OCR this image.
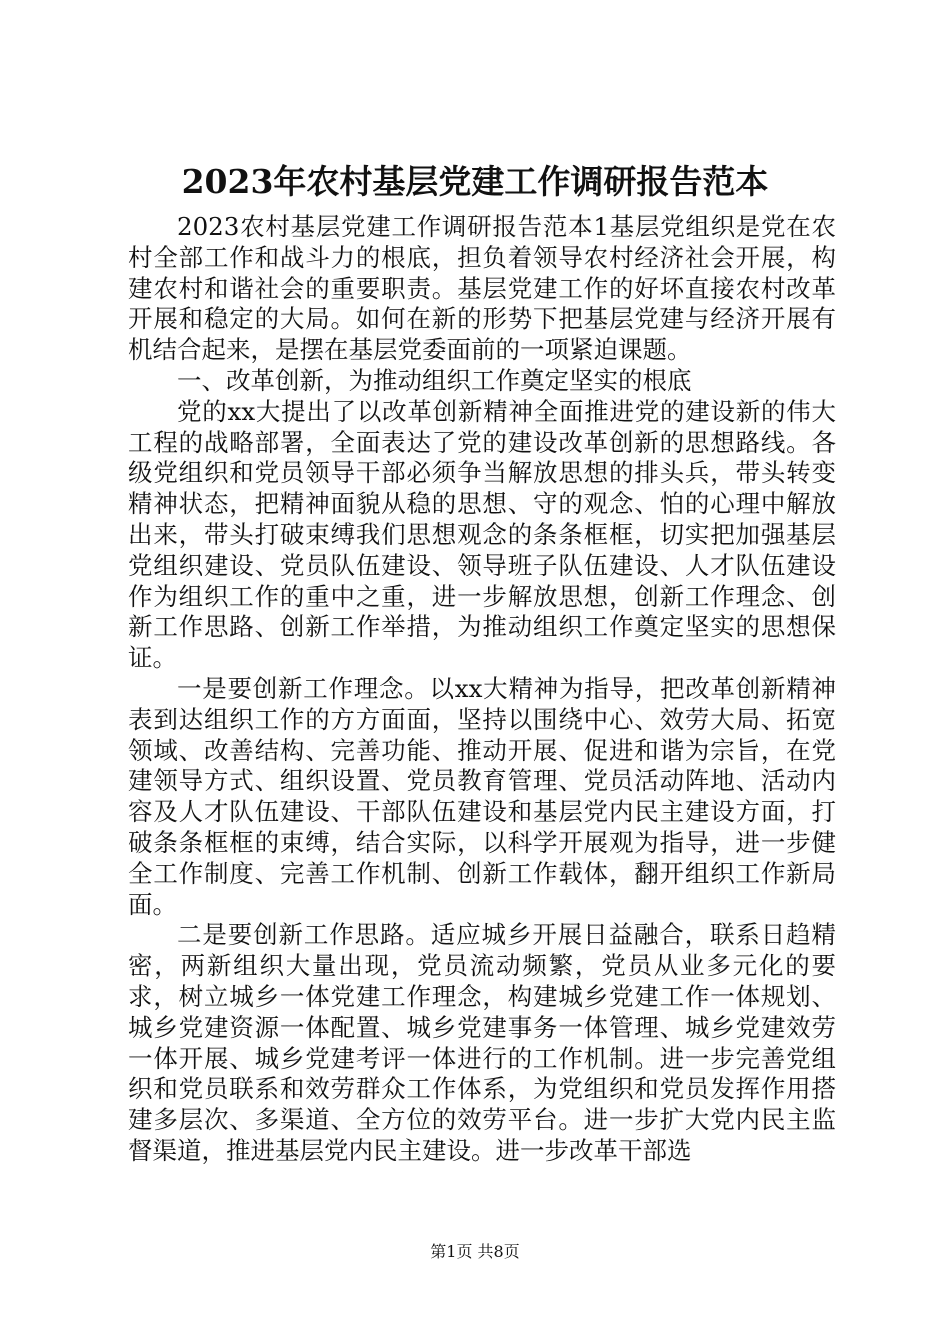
2023年农村基层党建工作调研报告范本

2023农村基层党建工作调研报告范本1基层党组织是党在农村全部工作和战斗力的根底，担负着领导农村经济社会开展，构建农村和谐社会的重要职责。基层党建工作的好坏直接农村改革开展和稳定的大局。如何在新的形势下把基层党建与经济开展有机结合起来，是摆在基层党委面前的一项紧迫课题。

一、改革创新，为推动组织工作奠定坚实的根底

党的xx大提出了以改革创新精神全面推进党的建设新的伟大工程的战略部署，全面表达了党的建设改革创新的思想路线。各级党组织和党员领导干部必须争当解放思想的排头兵，带头转变精神状态，把精神面貌从稳的思想、守的观念、怕的心理中解放出来，带头打破束缚我们思想观念的条条框框，切实把加强基层党组织建设、党员队伍建设、领导班子队伍建设、人才队伍建设作为组织工作的重中之重，进一步解放思想，创新工作理念、创新工作思路、创新工作举措，为推动组织工作奠定坚实的思想保证。

一是要创新工作理念。以xx大精神为指导，把改革创新精神表到达组织工作的方方面面，坚持以围绕中心、效劳大局、拓宽领域、改善结构、完善功能、推动开展、促进和谐为宗旨，在党建领导方式、组织设置、党员教育管理、党员活动阵地、活动内容及人才队伍建设、干部队伍建设和基层党内民主建设方面，打破条条框框的束缚，结合实际，以科学开展观为指导，进一步健全工作制度、完善工作机制、创新工作载体，翻开组织工作新局面。

二是要创新工作思路。适应城乡开展日益融合，联系日趋精密，两新组织大量出现，党员流动频繁，党员从业多元化的要求，树立城乡一体党建工作理念，构建城乡党建工作一体规划、城乡党建资源一体配置、城乡党建事务一体管理、城乡党建效劳一体开展、城乡党建考评一体进行的工作机制。进一步完善党组织和党员联系和效劳群众工作体系，为党组织和党员发挥作用搭建多层次、多渠道、全方位的效劳平台。进一步扩大党内民主监督渠道，推进基层党内民主建设。进一步改革干部选

第1页 共8页
